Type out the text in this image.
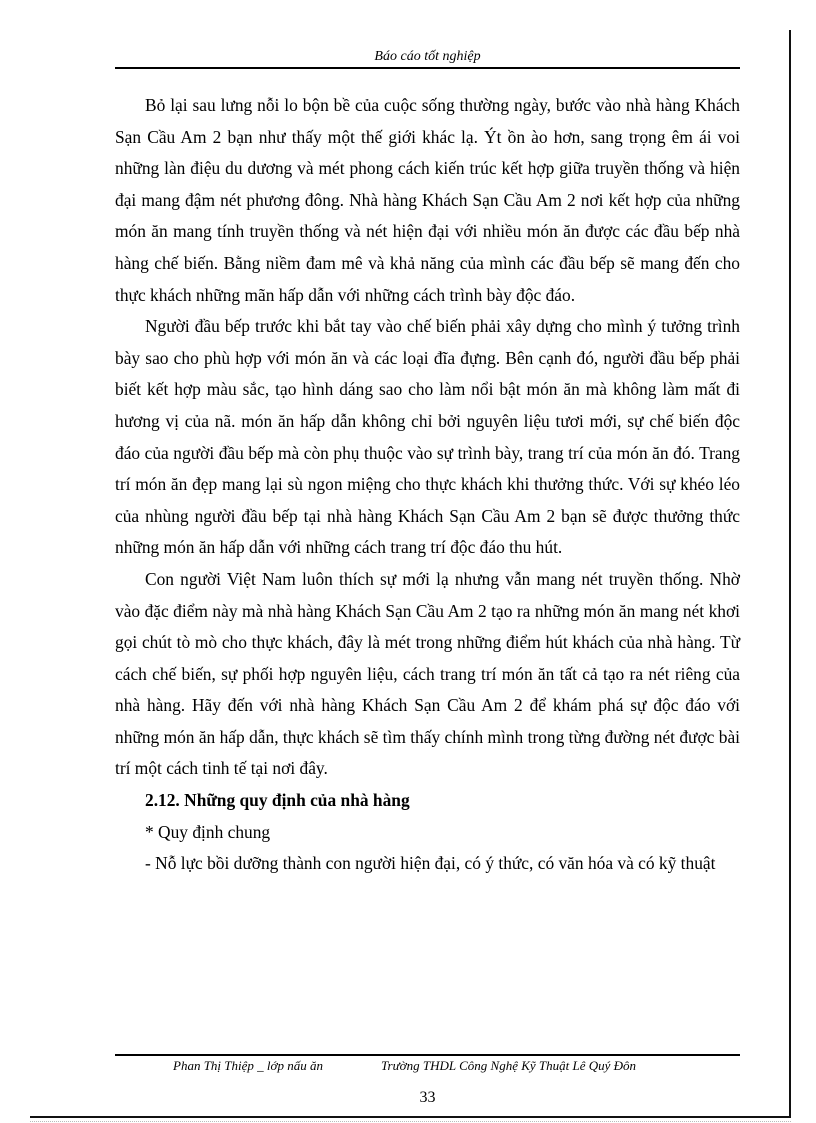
Báo cáo tốt nghiệp

Bỏ lại sau lưng nỗi lo bộn bề của cuộc sống thường ngày, bước vào nhà hàng Khách Sạn Cầu Am 2 bạn như thấy một thế giới khác lạ. Ýt ồn ào hơn, sang trọng êm ái voi những làn điệu du dương và mét phong cách kiến trúc kết hợp giữa truyền thống và hiện đại mang đậm nét phương đông. Nhà hàng Khách Sạn Cầu Am 2 nơi kết hợp của những món ăn mang tính truyền thống và nét hiện đại với nhiều món ăn được các đầu bếp nhà hàng chế biến. Bằng niềm đam mê và khả năng của mình các đầu bếp sẽ mang đến cho thực khách những mãn hấp dẫn với những cách trình bày độc đáo.

Người đầu bếp trước khi bắt tay vào chế biến phải xây dựng cho mình ý tưởng trình bày sao cho phù hợp với món ăn và các loại đĩa đựng. Bên cạnh đó, người đầu bếp phải biết kết hợp màu sắc, tạo hình dáng sao cho làm nổi bật món ăn mà không làm mất đi hương vị của nã. món ăn hấp dẫn không chỉ bởi nguyên liệu tươi mới, sự chế biến độc đáo của người đầu bếp mà còn phụ thuộc vào sự trình bày, trang trí của món ăn đó. Trang trí món ăn đẹp mang lại sù ngon miệng cho thực khách khi thưởng thức. Với sự khéo léo của nhùng người đầu bếp tại nhà hàng Khách Sạn Cầu Am 2 bạn sẽ được thưởng thức những món ăn hấp dẫn với những cách trang trí độc đáo thu hút.

Con người Việt Nam luôn thích sự mới lạ nhưng vẫn mang nét truyền thống. Nhờ vào đặc điểm này mà nhà hàng Khách Sạn Cầu Am 2 tạo ra những món ăn mang nét khơi gọi chút tò mò cho thực khách, đây là mét trong những điểm hút khách của nhà hàng. Từ cách chế biến, sự phối hợp nguyên liệu, cách trang trí món ăn tất cả tạo ra nét riêng của nhà hàng. Hãy đến với nhà hàng Khách Sạn Cầu Am 2 để khám phá sự độc đáo với những món ăn hấp dẫn, thực khách sẽ tìm thấy chính mình trong từng đường nét được bài trí một cách tinh tế tại nơi đây.

2.12. Những quy định của nhà hàng

* Quy định chung

- Nỗ lực bồi dưỡng thành con người hiện đại, có ý thức, có văn hóa và có kỹ thuật

Phan Thị Thiệp _ lớp nấu ăn	Trường THDL Công Nghệ Kỹ Thuật Lê Quý Đôn
33
